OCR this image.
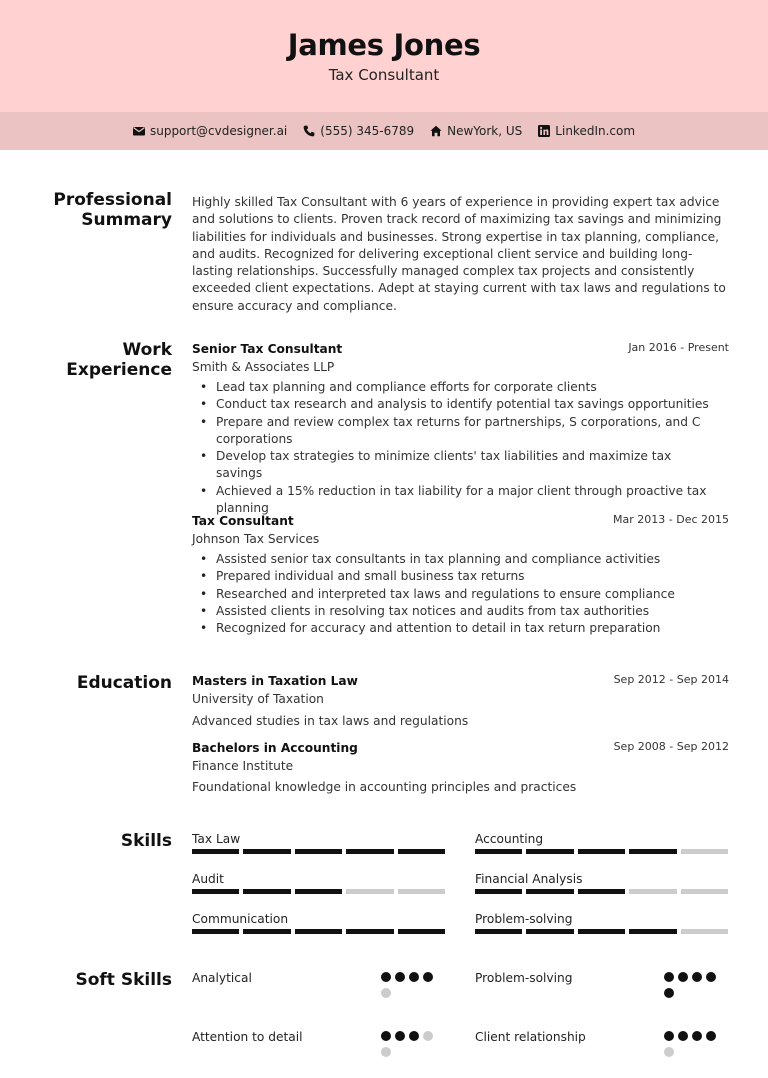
James Jones
Tax Consultant
support@cvdesigner.ai	(555) 345-6789	NewYork, US	LinkedIn.com
Professional
Summary
Highly skilled Tax Consultant with 6 years of experience in providing expert tax advice and solutions to clients. Proven track record of maximizing tax savings and minimizing liabilities for individuals and businesses. Strong expertise in tax planning, compliance, and audits. Recognized for delivering exceptional client service and building long-lasting relationships. Successfully managed complex tax projects and consistently exceeded client expectations. Adept at staying current with tax laws and regulations to ensure accuracy and compliance.
Work
Experience
Senior Tax Consultant	Jan 2016 - Present
Smith & Associates LLP
• Lead tax planning and compliance efforts for corporate clients
• Conduct tax research and analysis to identify potential tax savings opportunities
• Prepare and review complex tax returns for partnerships, S corporations, and C corporations
• Develop tax strategies to minimize clients' tax liabilities and maximize tax savings
• Achieved a 15% reduction in tax liability for a major client through proactive tax planning
Tax Consultant	Mar 2013 - Dec 2015
Johnson Tax Services
• Assisted senior tax consultants in tax planning and compliance activities
• Prepared individual and small business tax returns
• Researched and interpreted tax laws and regulations to ensure compliance
• Assisted clients in resolving tax notices and audits from tax authorities
• Recognized for accuracy and attention to detail in tax return preparation
Education Masters in Taxation Law	Sep 2012 - Sep 2014
University of Taxation
Advanced studies in tax laws and regulations
Bachelors in Accounting	Sep 2008 - Sep 2012
Finance Institute
Foundational knowledge in accounting principles and practices
Skills Tax Law	Accounting
Audit	Financial Analysis
Communication	Problem-solving
Soft Skills Analytical	Problem-solving
Attention to detail	Client relationship
